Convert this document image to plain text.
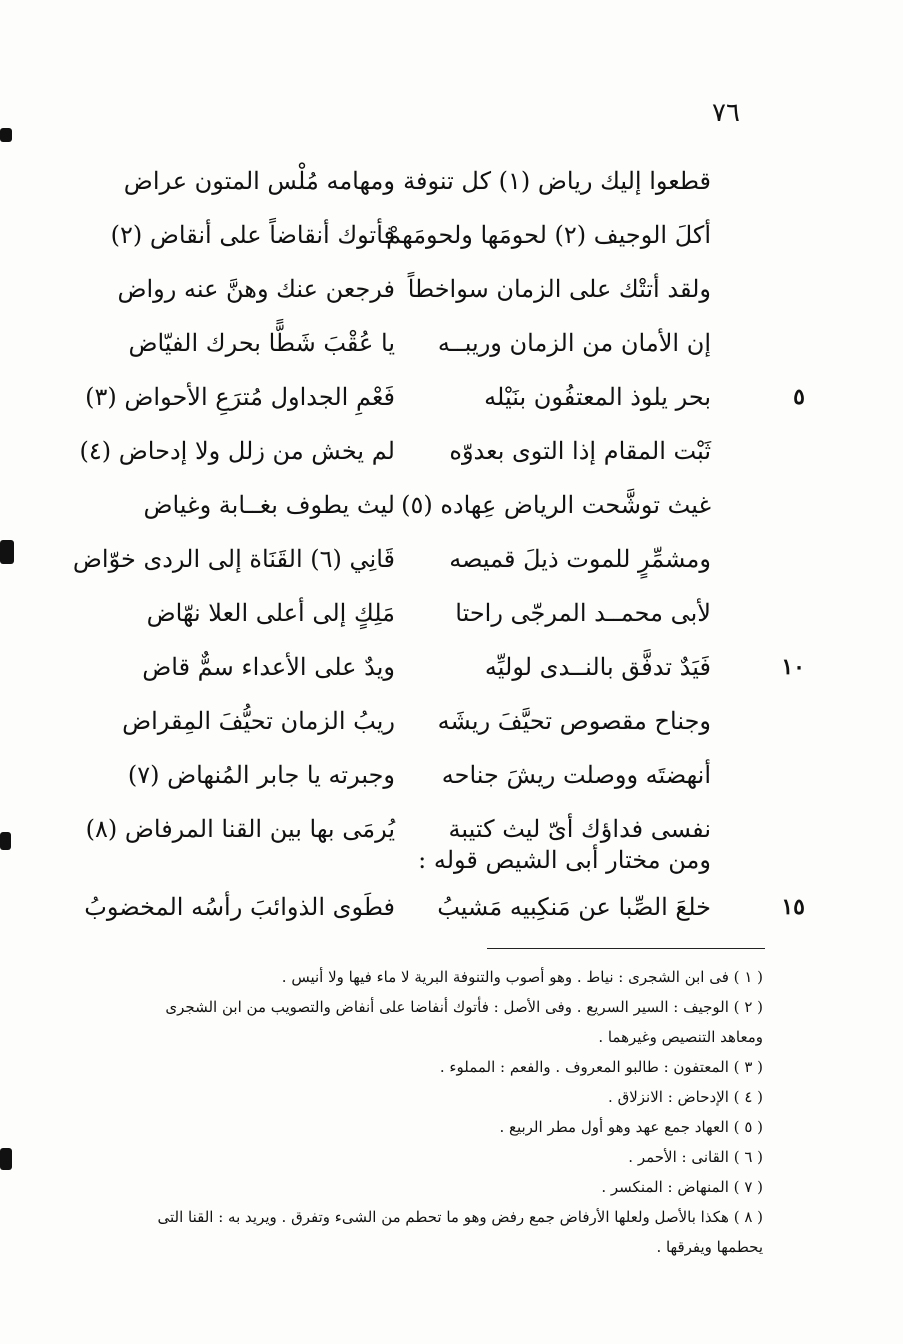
٧٦
قطعوا إليك رياض (١) كل تنوفة
ومهامه مُلْس المتون عراض
أكلَ الوجيف (٢) لحومَها ولحومَهمْ
فأتوك أنقاضاً على أنقاض (٢)
ولقد أتتْك على الزمان سواخطاً
فرجعن عنك وهنَّ عنه رواض
إن الأمان من الزمان وريبــه
يا عُقْبَ شَطًّا بحرك الفيّاض
٥
بحر يلوذ المعتفُون بنَيْله
فَعْمِ الجداول مُترَعِ الأحواض (٣)
ثَبْت المقام إذا التوى بعدوّه
لم يخش من زلل ولا إدحاض (٤)
غيث توشَّحت الرياض عِهاده (٥)
ليث يطوف بغــابة وغياض
ومشمِّرٍ للموت ذيلَ قميصه
قَانِي (٦) القَنَاة إلى الردى خوّاض
لأبى محمــد المرجّى راحتا
مَلِكٍ إلى أعلى العلا نهّاض
١٠
فَيَدٌ تدفَّق بالنــدى لوليِّه
ويدٌ على الأعداء سمٌّ قاض
وجناح مقصوص تحيَّفَ ريشَه
ريبُ الزمان تحيُّفَ المِقراض
أنهضتَه ووصلت ريشَ جناحه
وجبرته يا جابر المُنهاض (٧)
نفسى فداؤك أىّ ليث كتيبة
يُرمَى بها بين القنا المرفاض (٨)
ومن مختار أبى الشيص قوله :
١٥
خلعَ الصِّبا عن مَنكِبيه مَشيبُ
فطَوى الذوائبَ رأسُه المخضوبُ
( ١ ) فى ابن الشجرى : نياط . وهو أصوب والتنوفة البرية لا ماء فيها ولا أنيس .
( ٢ ) الوجيف : السير السريع . وفى الأصل : فأتوك أنفاضا على أنفاض والتصويب من ابن الشجرى ومعاهد التنصيص وغيرهما .
( ٣ ) المعتفون : طالبو المعروف . والفعم : المملوء .
( ٤ ) الإدحاض : الانزلاق .
( ٥ ) العهاد جمع عهد وهو أول مطر الربيع .
( ٦ ) القانى : الأحمر .
( ٧ ) المنهاض : المنكسر .
( ٨ ) هكذا بالأصل ولعلها الأرفاض جمع رفض وهو ما تحطم من الشىء وتفرق . ويريد به : القنا التى يحطمها ويفرقها .
